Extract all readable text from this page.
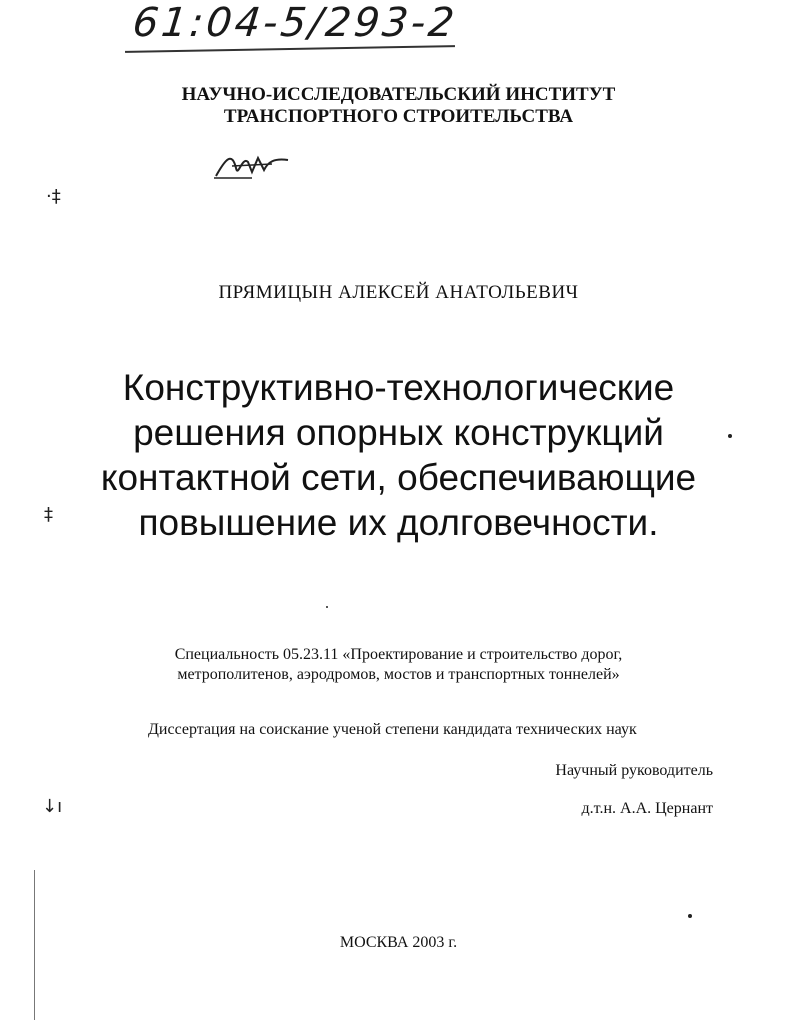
61:04-5/293-2
НАУЧНО-ИССЛЕДОВАТЕЛЬСКИЙ ИНСТИТУТ
ТРАНСПОРТНОГО СТРОИТЕЛЬСТВА
·‡
‡
↓ı
ПРЯМИЦЫН АЛЕКСЕЙ АНАТОЛЬЕВИЧ
Конструктивно-технологические
решения опорных конструкций
контактной сети, обеспечивающие
повышение их долговечности.
Специальность 05.23.11 «Проектирование и строительство дорог,
метрополитенов, аэродромов, мостов и транспортных тоннелей»
Диссертация на соискание ученой степени кандидата технических наук
Научный руководитель
д.т.н. А.А. Цернант
МОСКВА 2003 г.
